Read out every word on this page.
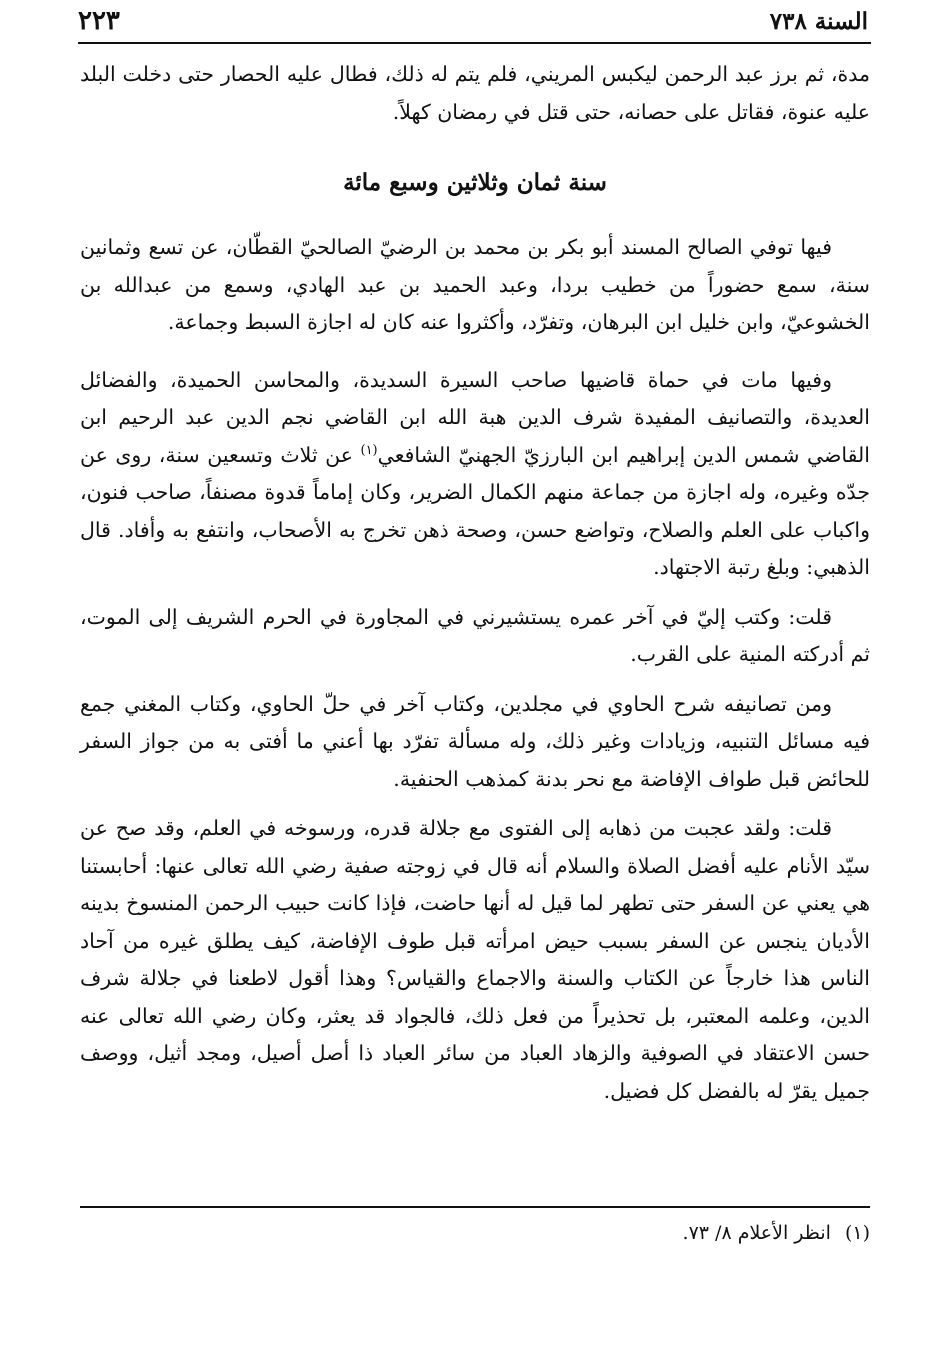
٢٢٣	السنة ٧٣٨

مدة، ثم برز عبد الرحمن ليكبس المريني، فلم يتم له ذلك، فطال عليه الحصار حتى دخلت البلد عليه عنوة، فقاتل على حصانه، حتى قتل في رمضان كهلاً.

سنة ثمان وثلاثين وسبع مائة

فيها توفي الصالح المسند أبو بكر بن محمد بن الرضيّ الصالحيّ القطّان، عن تسع وثمانين سنة، سمع حضوراً من خطيب بردا، وعبد الحميد بن عبد الهادي، وسمع من عبدالله بن الخشوعيّ، وابن خليل ابن البرهان، وتفرّد، وأكثروا عنه كان له اجازة السبط وجماعة.

وفيها مات في حماة قاضيها صاحب السيرة السديدة، والمحاسن الحميدة، والفضائل العديدة، والتصانيف المفيدة شرف الدين هبة الله ابن القاضي نجم الدين عبد الرحيم ابن القاضي شمس الدين إبراهيم ابن البارزيّ الجهنيّ الشافعي$^{(١)}$ عن ثلاث وتسعين سنة، روى عن جدّه وغيره، وله اجازة من جماعة منهم الكمال الضرير، وكان إماماً قدوة مصنفاً، صاحب فنون، واكباب على العلم والصلاح، وتواضع حسن، وصحة ذهن تخرج به الأصحاب، وانتفع به وأفاد. قال الذهبي: وبلغ رتبة الاجتهاد.

قلت: وكتب إليّ في آخر عمره يستشيرني في المجاورة في الحرم الشريف إلى الموت، ثم أدركته المنية على القرب.

ومن تصانيفه شرح الحاوي في مجلدين، وكتاب آخر في حلّ الحاوي، وكتاب المغني جمع فيه مسائل التنبيه، وزيادات وغير ذلك، وله مسألة تفرّد بها أعني ما أفتى به من جواز السفر للحائض قبل طواف الإفاضة مع نحر بدنة كمذهب الحنفية.

قلت: ولقد عجبت من ذهابه إلى الفتوى مع جلالة قدره، ورسوخه في العلم، وقد صح عن سيّد الأنام عليه أفضل الصلاة والسلام أنه قال في زوجته صفية رضي الله تعالى عنها: أحابستنا هي يعني عن السفر حتى تطهر لما قيل له أنها حاضت، فإذا كانت حبيب الرحمن المنسوخ بدينه الأديان ينجس عن السفر بسبب حيض امرأته قبل طوف الإفاضة، كيف يطلق غيره من آحاد الناس هذا خارجاً عن الكتاب والسنة والاجماع والقياس؟ وهذا أقول لاطعنا في جلالة شرف الدين، وعلمه المعتبر، بل تحذيراً من فعل ذلك، فالجواد قد يعثر، وكان رضي الله تعالى عنه حسن الاعتقاد في الصوفية والزهاد العباد من سائر العباد ذا أصل أصيل، ومجد أثيل، ووصف جميل يقرّ له بالفضل كل فضيل.

(١)انظر الأعلام ٨/ ٧٣.
